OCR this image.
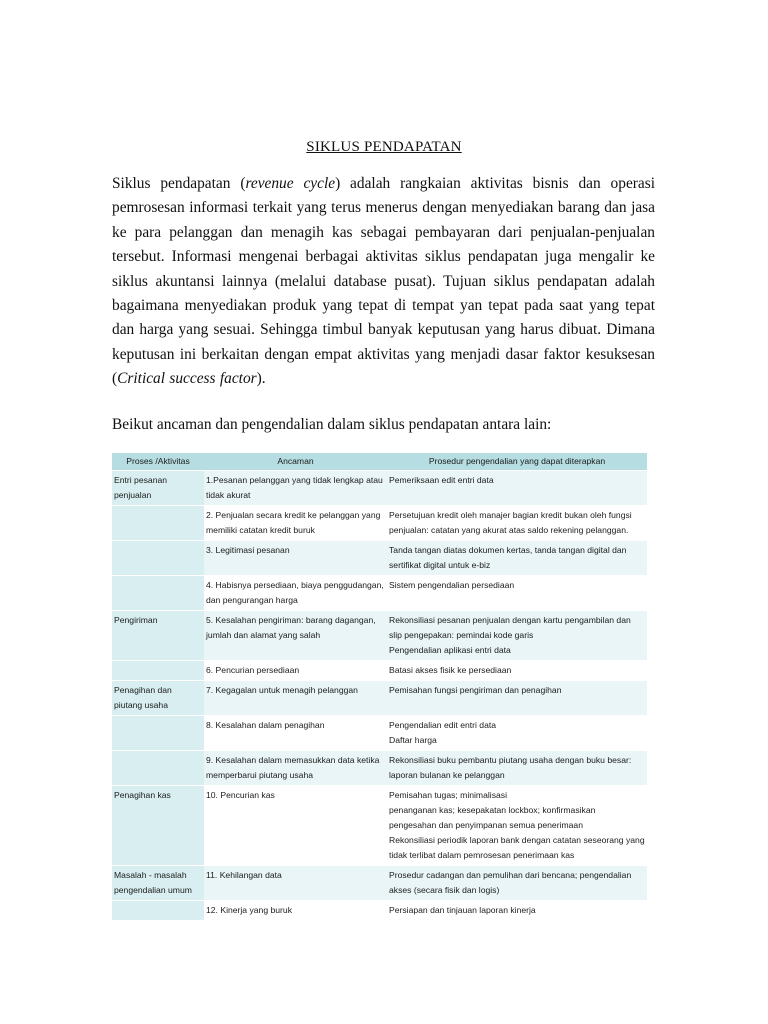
SIKLUS PENDAPATAN
Siklus pendapatan (revenue cycle) adalah rangkaian aktivitas bisnis dan operasi pemrosesan informasi terkait yang terus menerus dengan menyediakan barang dan jasa ke para pelanggan dan menagih kas sebagai pembayaran dari penjualan-penjualan tersebut. Informasi mengenai berbagai aktivitas siklus pendapatan juga mengalir ke siklus akuntansi lainnya (melalui database pusat). Tujuan siklus pendapatan adalah bagaimana menyediakan produk yang tepat di tempat yan tepat pada saat yang tepat dan harga yang sesuai. Sehingga timbul banyak keputusan yang harus dibuat. Dimana keputusan ini berkaitan dengan empat aktivitas yang menjadi dasar faktor kesuksesan (Critical success factor).
Beikut ancaman dan pengendalian dalam siklus pendapatan antara lain:
Proses /Aktivitas	Ancaman	Prosedur pengendalian yang dapat diterapkan
Entri pesanan penjualan	1.Pesanan pelanggan yang tidak lengkap atau tidak akurat	Pemeriksaan edit entri data

	2. Penjualan secara kredit ke pelanggan yang memiliki catatan kredit buruk	Persetujuan kredit oleh manajer bagian kredit bukan oleh fungsi penjualan: catatan yang akurat atas saldo rekening pelanggan.

	3. Legitimasi pesanan	Tanda tangan diatas dokumen kertas, tanda tangan digital dan sertifikat digital untuk e-biz

	4. Habisnya persediaan, biaya penggudangan, dan pengurangan harga	Sistem pengendalian persediaan

Pengiriman	5. Kesalahan pengiriman: barang dagangan, jumlah dan alamat yang salah	Rekonsiliasi pesanan penjualan dengan kartu pengambilan dan slip pengepakan: pemindai kode garis
Pengendalian aplikasi entri data

	6. Pencurian persediaan	Batasi akses fisik ke persediaan

Penagihan dan piutang usaha	7. Kegagalan untuk menagih pelanggan	Pemisahan fungsi pengiriman dan penagihan

	8. Kesalahan dalam penagihan	Pengendalian edit entri data
Daftar harga

	9. Kesalahan dalam memasukkan data ketika memperbarui piutang usaha	Rekonsiliasi buku pembantu piutang usaha dengan buku besar: laporan bulanan ke pelanggan

Penagihan kas	10. Pencurian kas	Pemisahan tugas; minimalisasi
penanganan kas; kesepakatan lockbox; konfirmasikan pengesahan dan penyimpanan semua penerimaan
Rekonsiliasi periodik laporan bank dengan catatan seseorang yang tidak terlibat dalam pemrosesan penerimaan kas

Masalah - masalah pengendalian umum	11. Kehilangan data	Prosedur cadangan dan pemulihan dari bencana; pengendalian akses (secara fisik dan logis)

	12. Kinerja yang buruk	Persiapan dan tinjauan laporan kinerja
